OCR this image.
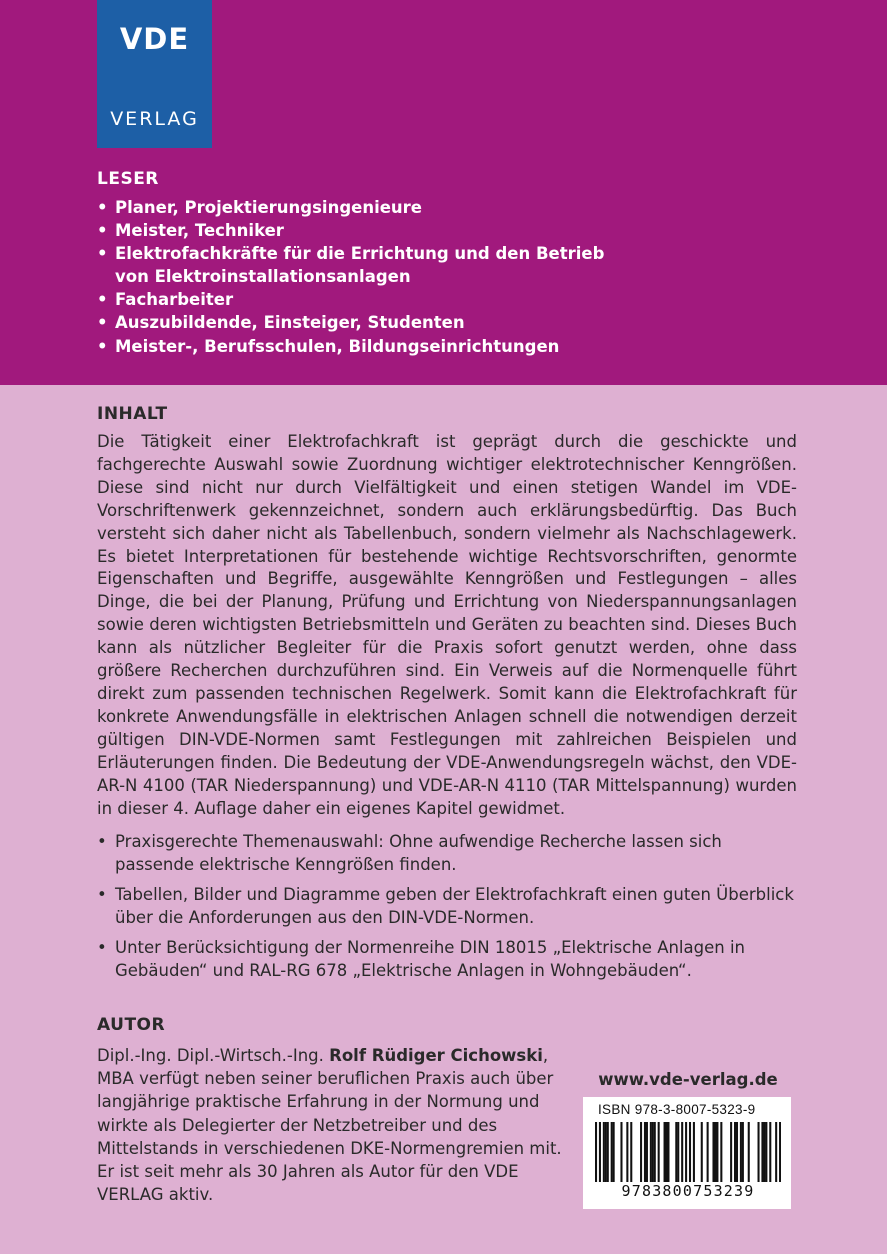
VDE
VERLAG
LESER
• Planer, Projektierungsingenieure
• Meister, Techniker
• Elektrofachkräfte für die Errichtung und den Betrieb von Elektroinstallationsanlagen
• Facharbeiter
• Auszubildende, Einsteiger, Studenten
• Meister-, Berufsschulen, Bildungseinrichtungen
INHALT

Die Tätigkeit einer Elektrofachkraft ist geprägt durch die geschickte und fachgerechte Auswahl sowie Zuordnung wichtiger elektrotechnischer Kenngrößen. Diese sind nicht nur durch Vielfältigkeit und einen stetigen Wandel im VDE-Vorschriftenwerk gekennzeichnet, sondern auch erklärungsbedürftig. Das Buch versteht sich daher nicht als Tabellenbuch, sondern vielmehr als Nachschlagewerk. Es bietet Interpretationen für bestehende wichtige Rechtsvorschriften, genormte Eigenschaften und Begriffe, ausgewählte Kenngrößen und Festlegungen – alles Dinge, die bei der Planung, Prüfung und Errichtung von Niederspannungsanlagen sowie deren wichtigsten Betriebsmitteln und Geräten zu beachten sind. Dieses Buch kann als nützlicher Begleiter für die Praxis sofort genutzt werden, ohne dass größere Recherchen durchzuführen sind. Ein Verweis auf die Normenquelle führt direkt zum passenden technischen Regelwerk. Somit kann die Elektrofachkraft für konkrete Anwendungsfälle in elektrischen Anlagen schnell die notwendigen derzeit gültigen DIN-VDE-Normen samt Festlegungen mit zahlreichen Beispielen und Erläuterungen finden. Die Bedeutung der VDE-Anwendungsregeln wächst, den VDE-AR-N 4100 (TAR Niederspannung) und VDE-AR-N 4110 (TAR Mittelspannung) wurden in dieser 4. Auflage daher ein eigenes Kapitel gewidmet.

• Praxisgerechte Themenauswahl: Ohne aufwendige Recherche lassen sich passende elektrische Kenngrößen finden.
• Tabellen, Bilder und Diagramme geben der Elektrofachkraft einen guten Überblick über die Anforderungen aus den DIN-VDE-Normen.
• Unter Berücksichtigung der Normenreihe DIN 18015 „Elektrische Anlagen in Gebäuden“ und RAL-RG 678 „Elektrische Anlagen in Wohngebäuden“.
AUTOR

Dipl.-Ing. Dipl.-Wirtsch.-Ing. Rolf Rüdiger Cichowski, MBA verfügt neben seiner beruflichen Praxis auch über langjährige praktische Erfahrung in der Normung und wirkte als Delegierter der Netzbetreiber und des Mittelstands in verschiedenen DKE-Normengremien mit. Er ist seit mehr als 30 Jahren als Autor für den VDE VERLAG aktiv.

www.vde-verlag.de
ISBN 978-3-8007-5323-9
9783800753239
